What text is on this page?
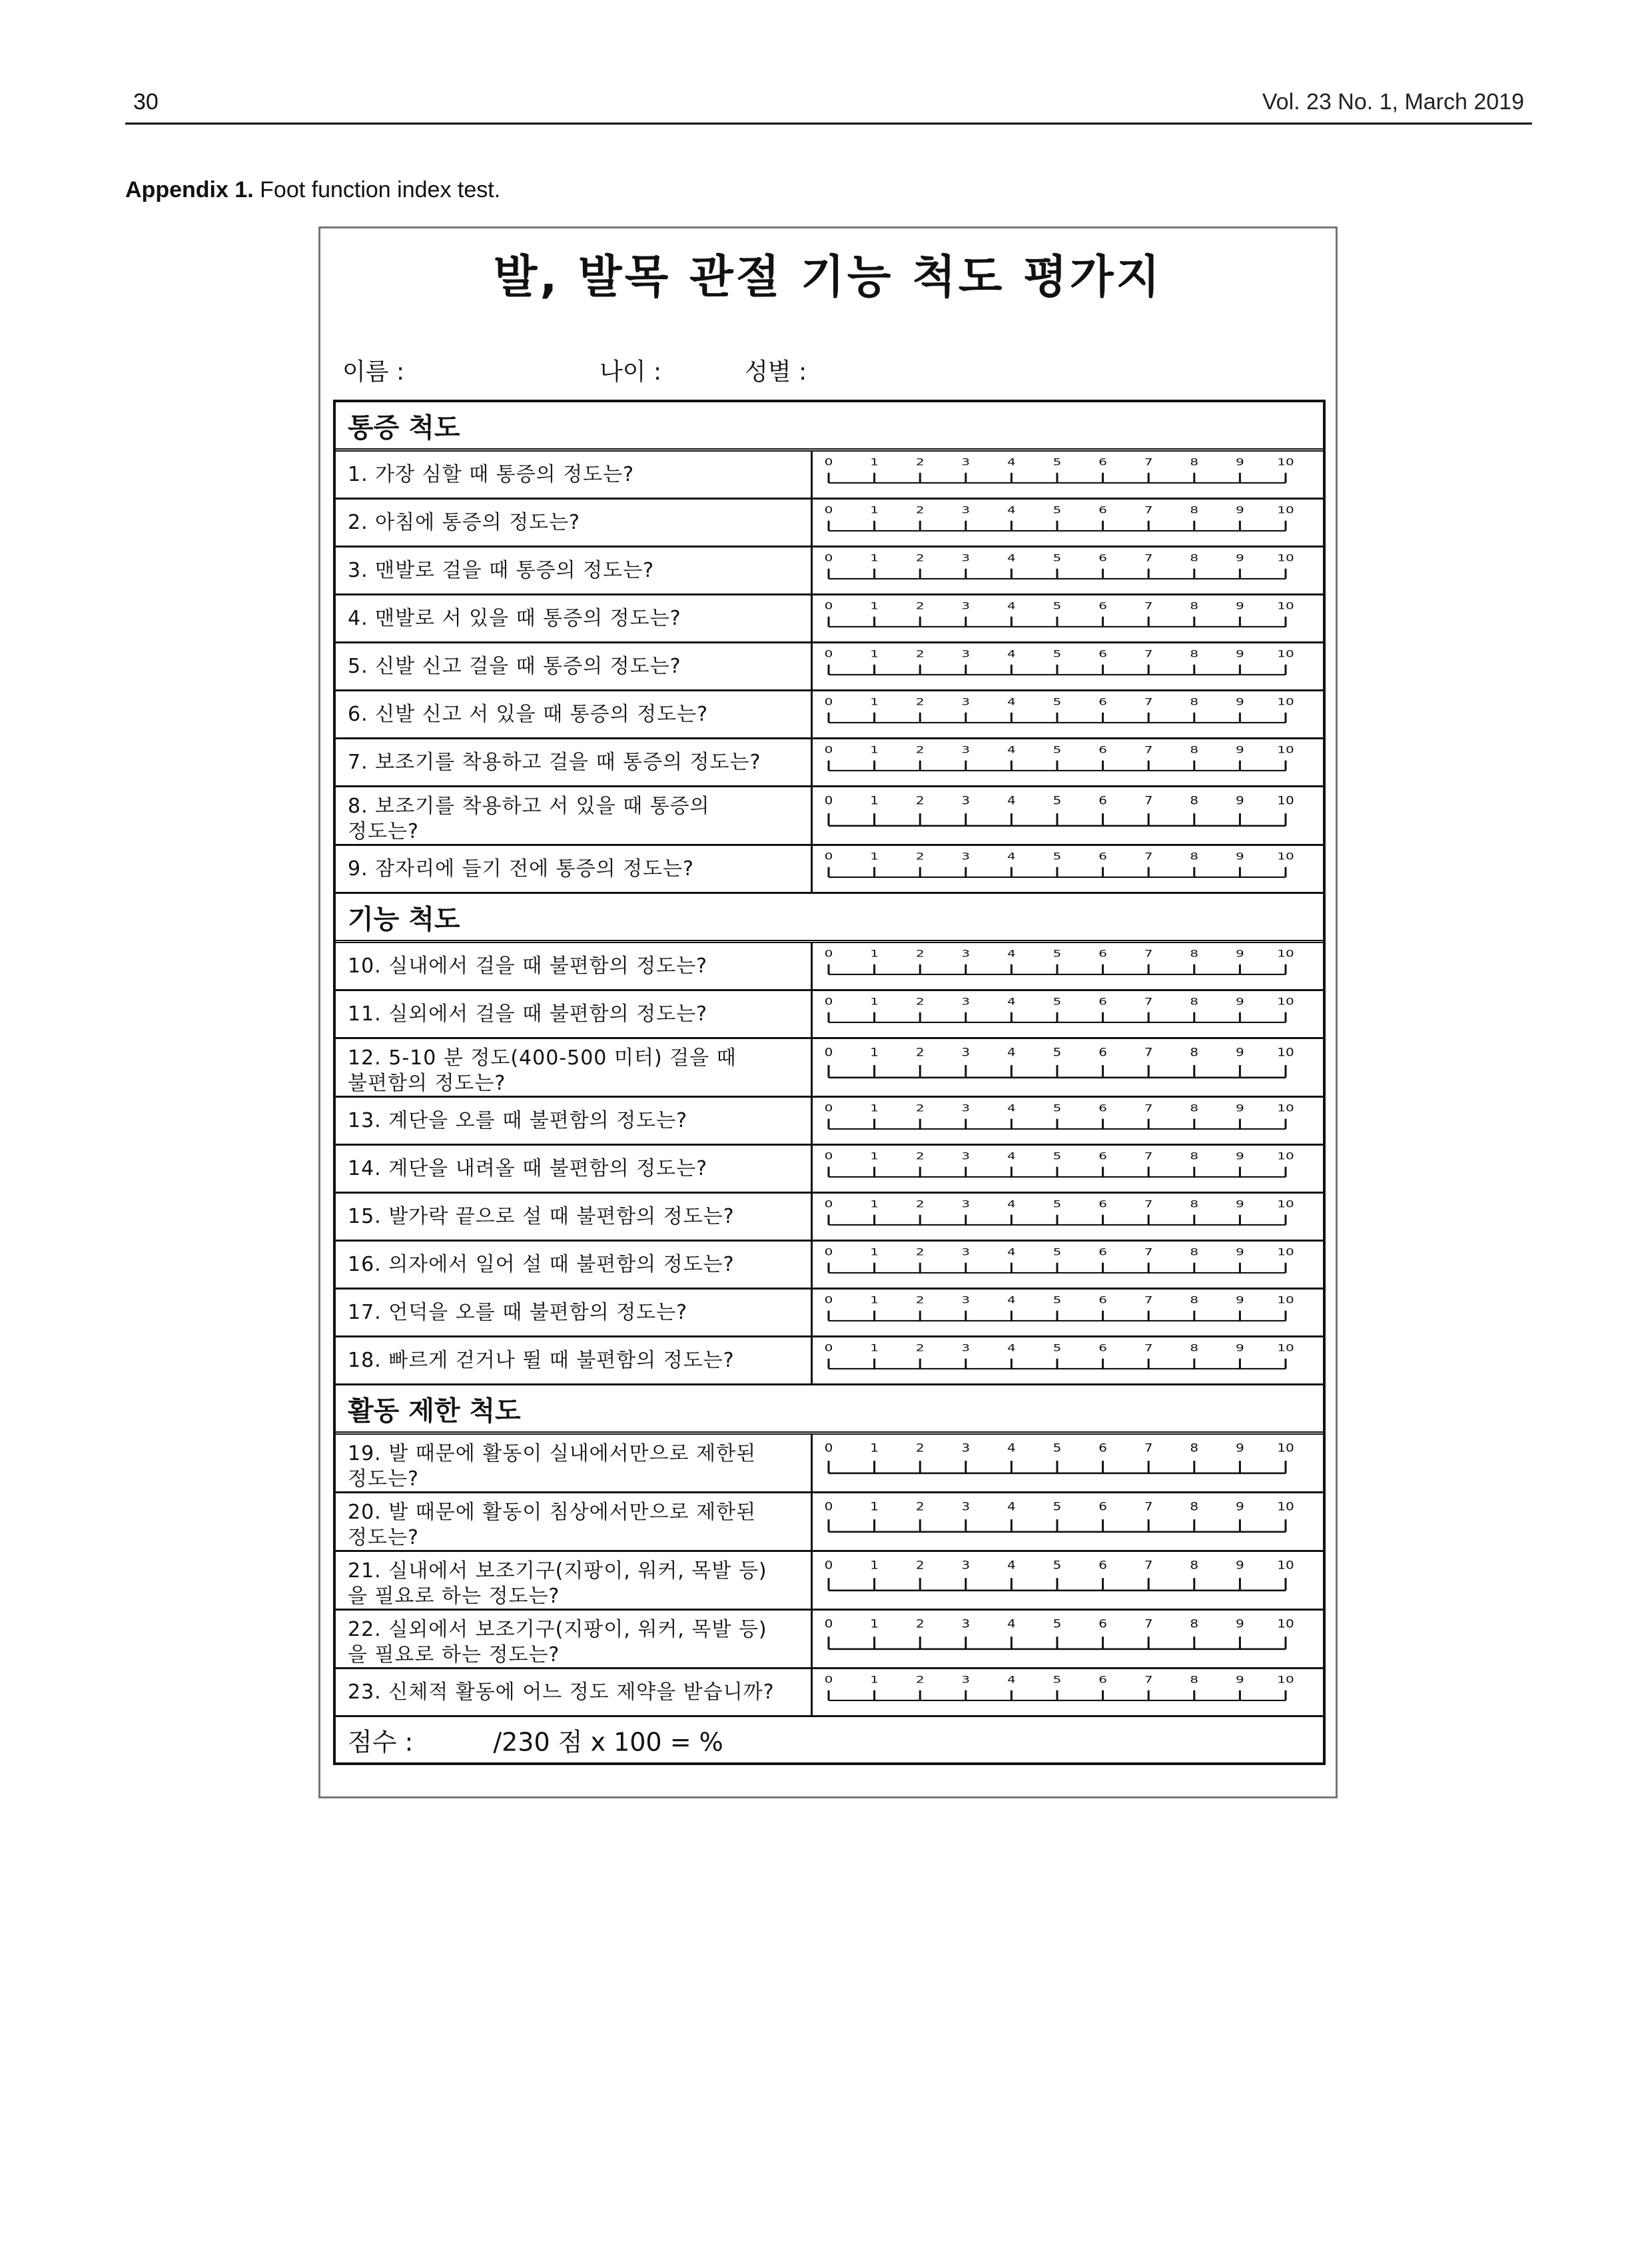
30	Vol. 23 No. 1, March 2019
Appendix 1. Foot function index test.
발, 발목 관절 기능 척도 평가지
이름 :	나이 :	성별 :
통증 척도
1. 가장 심할 때 통증의 정도는?	0	1	2	3	4	5	6	7	8	9 10
2. 아침에 통증의 정도는?	0	1	2	3	4	5	6	7	8	9 10
3. 맨발로 걸을 때 통증의 정도는?	0	1	2	3	4	5	6	7	8	9 10
4. 맨발로 서 있을 때 통증의 정도는?	0	1	2	3	4	5	6	7	8	9 10
5. 신발 신고 걸을 때 통증의 정도는?	0	1	2	3	4	5	6	7	8	9 10
6. 신발 신고 서 있을 때 통증의 정도는?	0	1	2	3	4	5	6	7	8	9 10
7. 보조기를 착용하고 걸을 때 통증의 정도는?	0	1	2	3	4	5	6	7	8	9 10
8. 보조기를 착용하고 서 있을 때 통증의
정도는?
0	1	2	3	4	5	6	7	8	9 10
9. 잠자리에 들기 전에 통증의 정도는?	0	1	2	3	4	5	6	7	8	9 10
기능 척도
10. 실내에서 걸을 때 불편함의 정도는?	0	1	2	3	4	5	6	7	8	9 10
11. 실외에서 걸을 때 불편함의 정도는?	0	1	2	3	4	5	6	7	8	9 10
12. 5-10 분 정도(400-500 미터) 걸을 때
불편함의 정도는?
0	1	2	3	4	5	6	7	8	9 10
13. 계단을 오를 때 불편함의 정도는?	0	1	2	3	4	5	6	7	8	9 10
14. 계단을 내려올 때 불편함의 정도는?	0	1	2	3	4	5	6	7	8	9 10
15. 발가락 끝으로 설 때 불편함의 정도는?	0	1	2	3	4	5	6	7	8	9 10
16. 의자에서 일어 설 때 불편함의 정도는?	0	1	2	3	4	5	6	7	8	9 10
17. 언덕을 오를 때 불편함의 정도는?	0	1	2	3	4	5	6	7	8	9 10
18. 빠르게 걷거나 뛸 때 불편함의 정도는?	0	1	2	3	4	5	6	7	8	9 10
활동 제한 척도
19. 발 때문에 활동이 실내에서만으로 제한된
정도는?
0	1	2	3	4	5	6	7	8	9 10
20. 발 때문에 활동이 침상에서만으로 제한된
정도는?
0	1	2	3	4	5	6	7	8	9 10
21. 실내에서 보조기구(지팡이, 워커, 목발 등)
을 필요로 하는 정도는?
0	1	2	3	4	5	6	7	8	9 10
22. 실외에서 보조기구(지팡이, 워커, 목발 등)
을 필요로 하는 정도는?
0	1	2	3	4	5	6	7	8	9 10
23. 신체적 활동에 어느 정도 제약을 받습니까?	0	1	2	3	4	5	6	7	8	9 10
점수 :	/230 점 x 100 = %
